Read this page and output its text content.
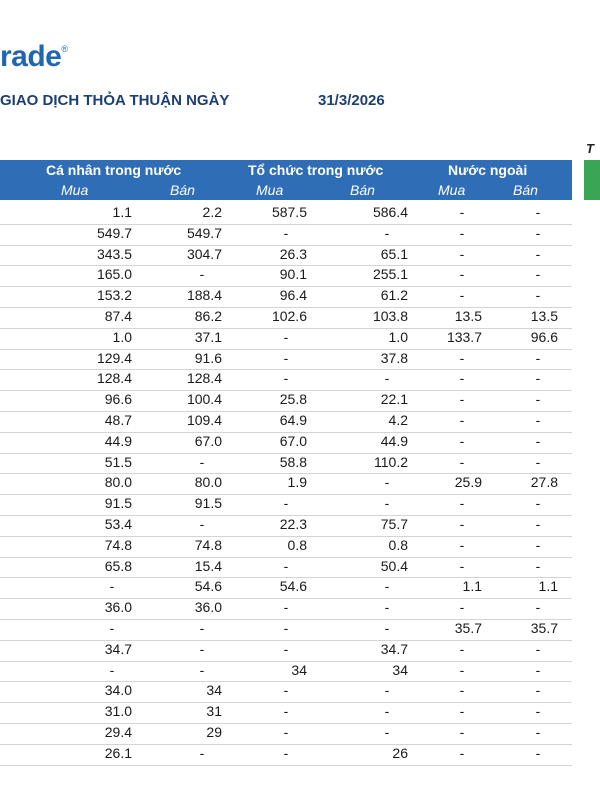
rade®
GIAO DỊCH THỎA THUẬN NGÀY	31/3/2026
T
Cá nhân trong nước	Tổ chức trong nước	Nước ngoài
Mua	Bán	Mua	Bán	Mua	Bán
1.1	2.2	587.5	586.4	-	-
549.7	549.7	-	-	-	-
343.5	304.7	26.3	65.1	-	-
165.0	-	90.1	255.1	-	-
153.2	188.4	96.4	61.2	-	-
87.4	86.2	102.6	103.8	13.5	13.5
1.0	37.1	-	1.0	133.7	96.6
129.4	91.6	-	37.8	-	-
128.4	128.4	-	-	-	-
96.6	100.4	25.8	22.1	-	-
48.7	109.4	64.9	4.2	-	-
44.9	67.0	67.0	44.9	-	-
51.5	-	58.8	110.2	-	-
80.0	80.0	1.9	-	25.9	27.8
91.5	91.5	-	-	-	-
53.4	-	22.3	75.7	-	-
74.8	74.8	0.8	0.8	-	-
65.8	15.4	-	50.4	-	-
-	54.6	54.6	-	1.1	1.1
36.0	36.0	-	-	-	-
-	-	-	-	35.7	35.7
34.7	-	-	34.7	-	-
-	-	34	34	-	-
34.0	34	-	-	-	-
31.0	31	-	-	-	-
29.4	29	-	-	-	-
26.1	-	-	26	-	-
